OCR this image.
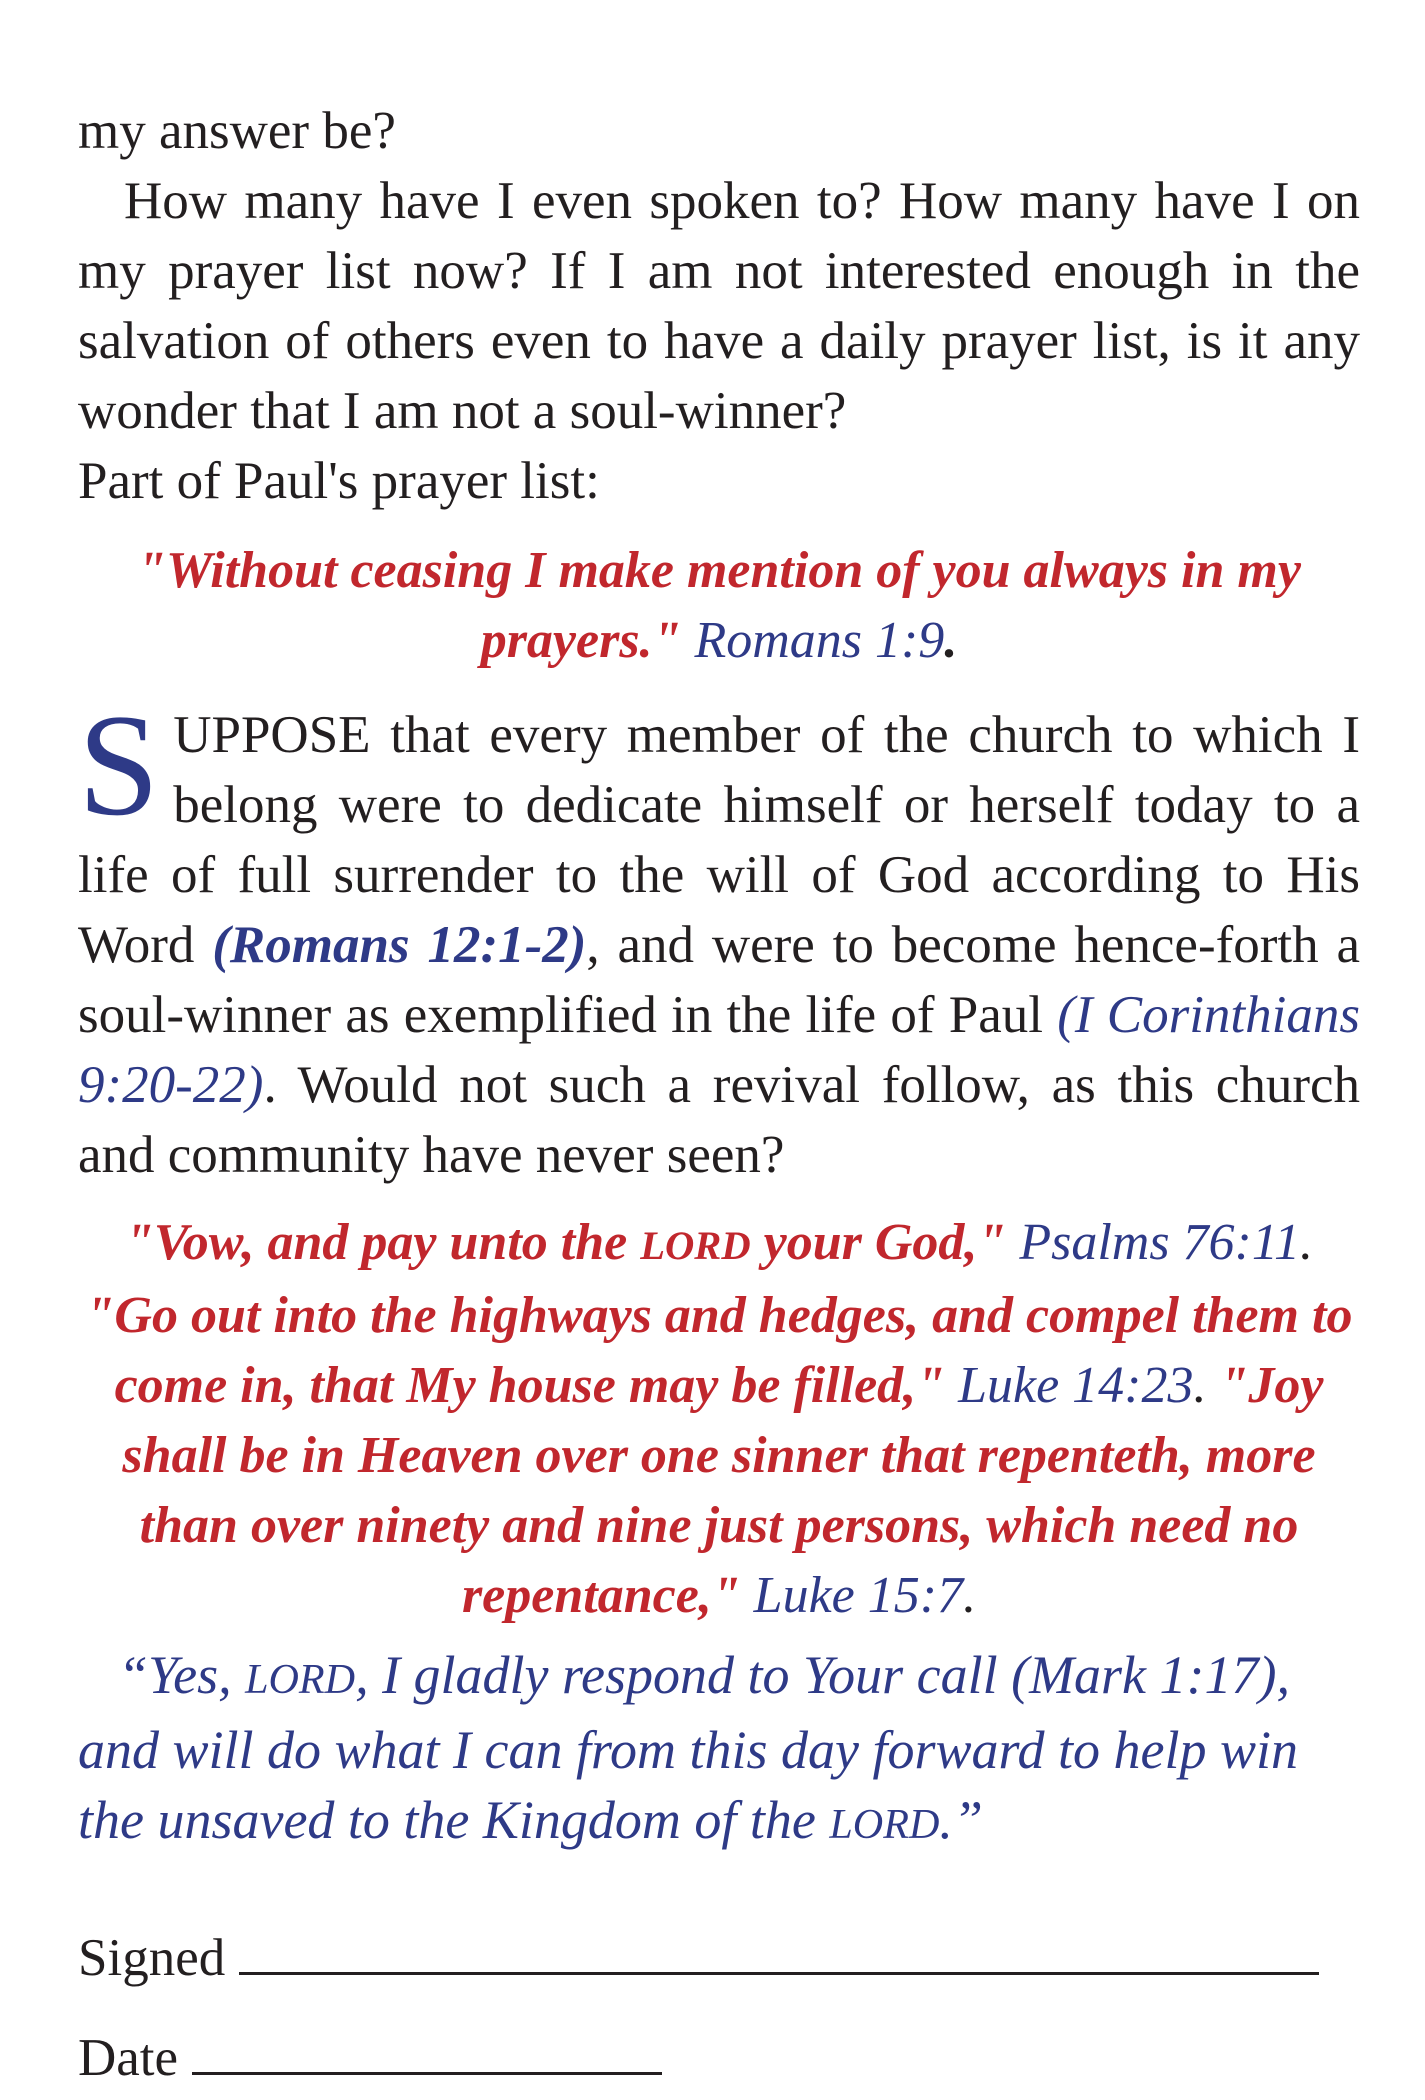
my answer be?

How many have I even spoken to? How many have I on my prayer list now? If I am not interested enough in the salvation of others even to have a daily prayer list, is it any wonder that I am not a soul-winner?

Part of Paul's prayer list:

"Without ceasing I make mention of you always in my prayers." Romans 1:9.
SUPPOSE that every member of the church to which I belong were to dedicate himself or herself today to a life of full surrender to the will of God according to His Word (Romans 12:1-2), and were to become hence-forth a soul-winner as exemplified in the life of Paul (I Corinthians 9:20-22). Would not such a revival follow, as this church and community have never seen?
"Vow, and pay unto the LORD your God," Psalms 76:11. "Go out into the highways and hedges, and compel them to come in, that My house may be filled," Luke 14:23. "Joy shall be in Heaven over one sinner that repenteth, more than over ninety and nine just persons, which need no repentance," Luke 15:7.
“Yes, LORD, I gladly respond to Your call (Mark 1:17), and will do what I can from this day forward to help win the unsaved to the Kingdom of the LORD.”
Signed
Date
